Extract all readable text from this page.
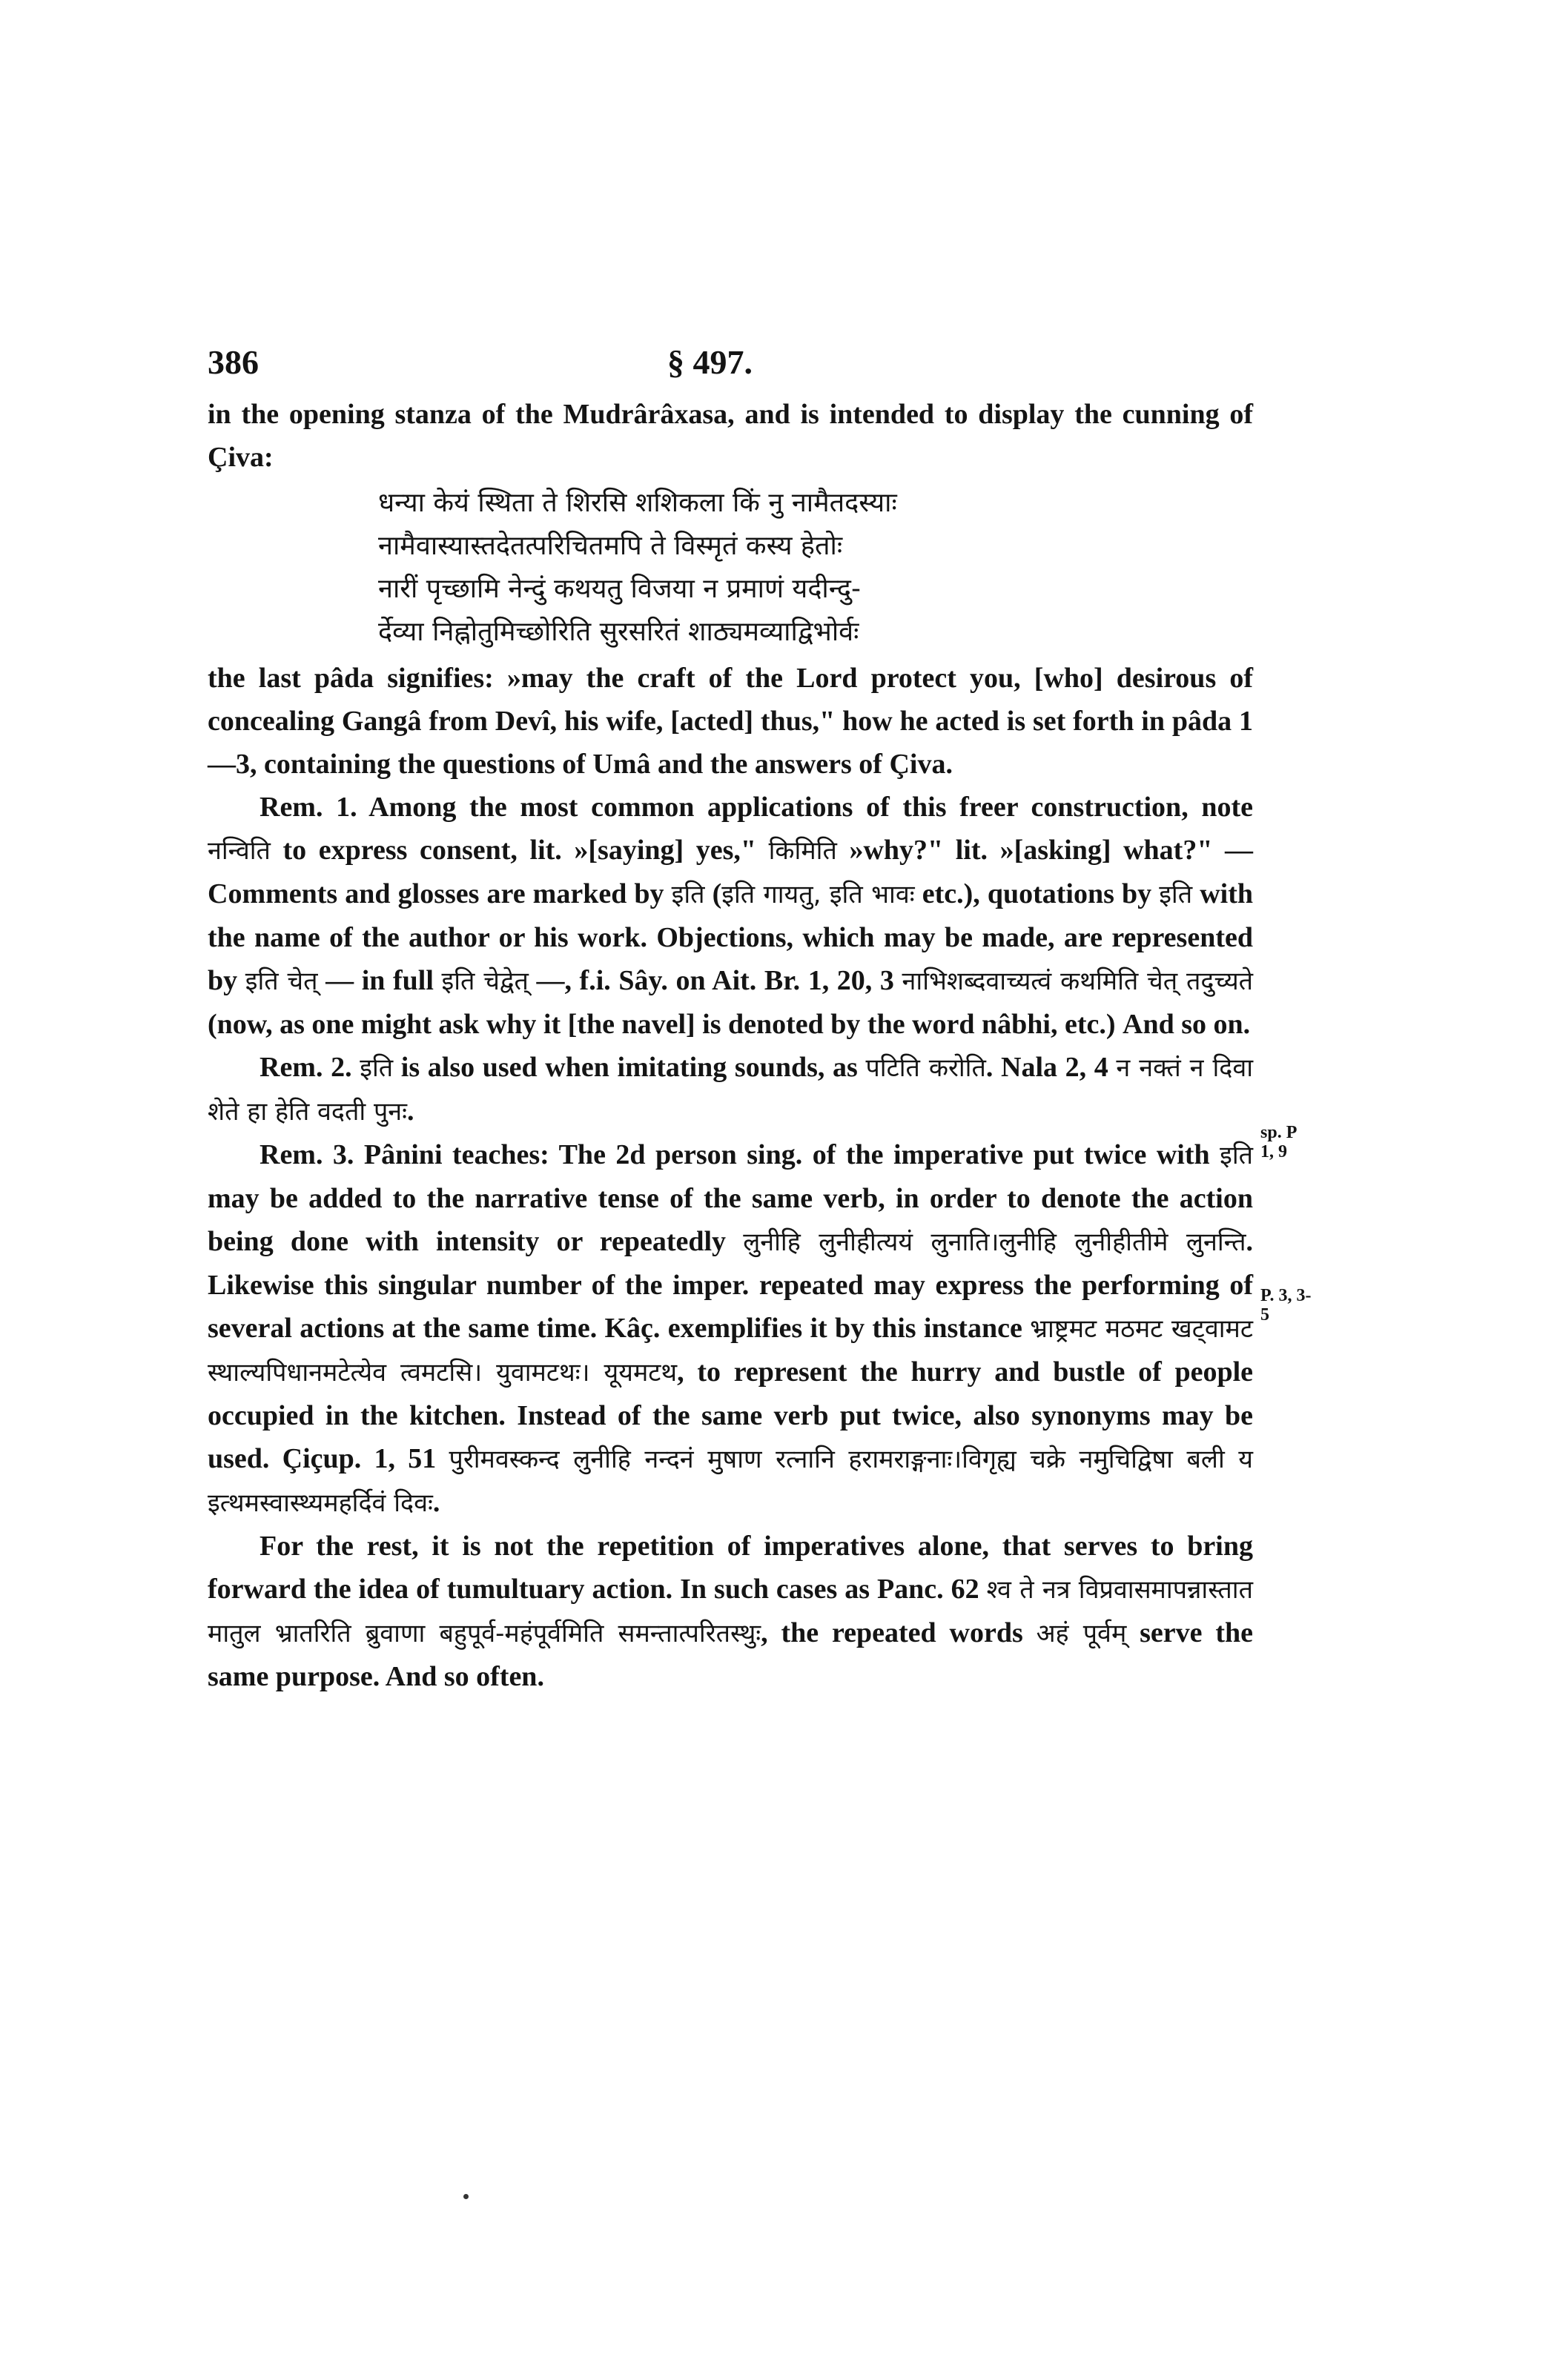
386	§ 497.

in the opening stanza of the Mudrârâxasa, and is intended to display the cunning of Çiva:

धन्या केयं स्थिता ते शिरसि शशिकला किं नु नामैतदस्याः
नामैवास्यास्तदेतत्परिचितमपि ते विस्मृतं कस्य हेतोः
नारीं पृच्छामि नेन्दुं कथयतु विजया न प्रमाणं यदीन्दु-
र्देव्या निह्नोतुमिच्छोरिति सुरसरितं शाठ्यमव्याद्विभोर्वः

the last pâda signifies: »may the craft of the Lord protect you, [who] desirous of concealing Gangâ from Devî, his wife, [acted] thus," how he acted is set forth in pâda 1—3, containing the questions of Umâ and the answers of Çiva.

Rem. 1. Among the most common applications of this freer construction, note नन्विति to express consent, lit. »[saying] yes," किमिति »why?" lit. »[asking] what?" — Comments and glosses are marked by इति (इति गायतु, इति भावः etc.), quotations by इति with the name of the author or his work. Objections, which may be made, are represented by इति चेत् — in full इति चेद्वेत् —, f.i. Sây. on Ait. Br. 1, 20, 3 नाभिशब्दवाच्यत्वं कथमिति चेत् तदुच्यते (now, as one might ask why it [the navel] is denoted by the word nâbhi, etc.) And so on.

Rem. 2. इति is also used when imitating sounds, as पटिति करोति. Nala 2, 4 न नक्तं न दिवा शेते हा हेति वदती पुनः.

Rem. 3. Pânini teaches: The 2d person sing. of the imperative put twice with इति may be added to the narrative tense of the same verb, in order to denote the action being done with intensity or repeatedly लुनीहि लुनीहीत्ययं लुनाति।लुनीहि लुनीहीतीमे लुनन्ति. Likewise this singular number of the imper. repeated may express the performing of several actions at the same time. Kâç. exemplifies it by this instance भ्राष्ट्रमट मठमट खट्वामट स्थाल्यपिधानमटेत्येव त्वमटसि। युवामटथः। यूयमटथ, to represent the hurry and bustle of people occupied in the kitchen. Instead of the same verb put twice, also synonyms may be used. Çiçup. 1, 51 पुरीमवस्कन्द लुनीहि नन्दनं मुषाण रत्नानि हरामराङ्गनाः।विगृह्य चक्रे नमुचिद्विषा बली य इत्थमस्वास्थ्यमहर्दिवं दिवः.

For the rest, it is not the repetition of imperatives alone, that serves to bring forward the idea of tumultuary action. In such cases as Panc. 62 श्व ते नत्र विप्रवासमापन्नास्तात मातुल भ्रातरिति ब्रुवाणा बहुपूर्व-महंपूर्वमिति समन्तात्परितस्थुः, the repeated words अहं पूर्वम् serve the same purpose. And so often.

sp. P 1, 9
P. 3, 3-5
